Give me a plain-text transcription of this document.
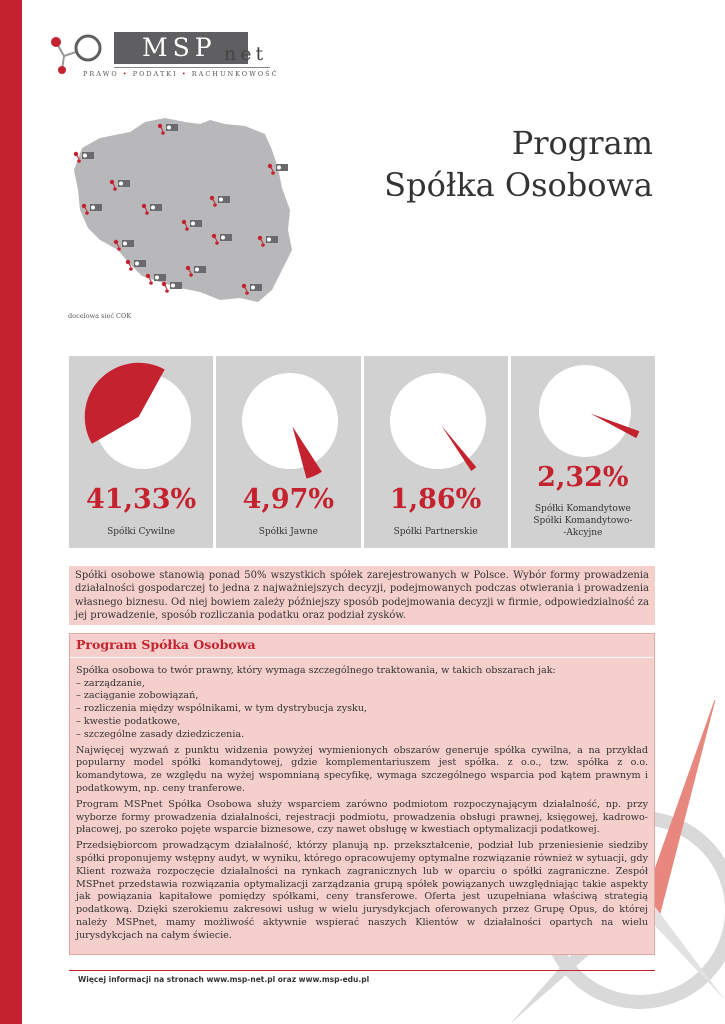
MSP net
PRAWO • PODATKI • RACHUNKOWOŚĆ
Program
Spółka Osobowa
docelowa sieć COK
41,33%
Spółki Cywilne
4,97%
Spółki Jawne
1,86%
Spółki Partnerskie
2,32%
Spółki Komandytowe
Spółki Komandytowo-
-Akcyjne
Spółki osobowe stanowią ponad 50% wszystkich spółek zarejestrowanych w Polsce. Wybór formy prowadzenia działalności gospodarczej to jedna z najważniejszych decyzji, podejmowanych podczas otwierania i prowadzenia własnego biznesu. Od niej bowiem zależy późniejszy sposób podejmowania decyzji w firmie, odpowiedzialność za jej prowadzenie, sposób rozliczania podatku oraz podział zysków.
Program Spółka Osobowa

Spółka osobowa to twór prawny, który wymaga szczególnego traktowania, w takich obszarach jak:

– zarządzanie,
– zaciąganie zobowiązań,
– rozliczenia między wspólnikami, w tym dystrybucja zysku,
– kwestie podatkowe,
– szczególne zasady dziedziczenia.

Najwięcej wyzwań z punktu widzenia powyżej wymienionych obszarów generuje spółka cywilna, a na przykład popularny model spółki komandytowej, gdzie komplementariuszem jest spółka. z o.o., tzw. spółka z o.o. komandytowa, ze względu na wyżej wspomnianą specyfikę, wymaga szczególnego wsparcia pod kątem prawnym i podatkowym, np. ceny tranferowe.

Program MSPnet Spółka Osobowa służy wsparciem zarówno podmiotom rozpoczynającym działalność, np. przy wyborze formy prowadzenia działalności, rejestracji podmiotu, prowadzenia obsługi prawnej, księgowej, kadrowo-płacowej, po szeroko pojęte wsparcie biznesowe, czy nawet obsługę w kwestiach optymalizacji podatkowej.

Przedsiębiorcom prowadzącym działalność, którzy planują np. przekształcenie, podział lub przeniesienie siedziby spółki proponujemy wstępny audyt, w wyniku, którego opracowujemy optymalne rozwiązanie również w sytuacji, gdy Klient rozważa rozpoczęcie działalności na rynkach zagranicznych lub w oparciu o spółki zagraniczne. Zespół MSPnet przedstawia rozwiązania optymalizacji zarządzania grupą spółek powiązanych uwzględniając takie aspekty jak powiązania kapitałowe pomiędzy spółkami, ceny transferowe. Oferta jest uzupełniana właściwą strategią podatkową. Dzięki szerokiemu zakresowi usług w wielu jurysdykcjach oferowanych przez Grupę Opus, do której należy MSPnet, mamy możliwość aktywnie wspierać naszych Klientów w działalności opartych na wielu jurysdykcjach na całym świecie.

Więcej informacji na stronach www.msp-net.pl oraz www.msp-edu.pl
